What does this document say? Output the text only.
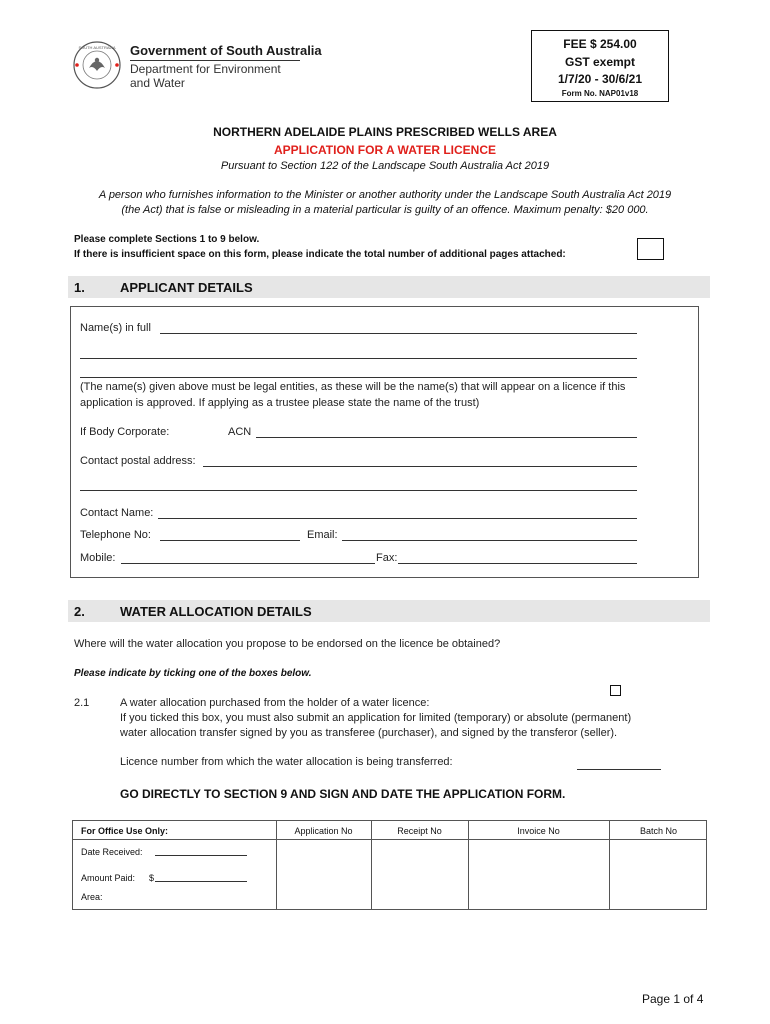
SOUTH AUSTRALIA Government of South Australia
Department for Environment
and Water
FEE $ 254.00
GST exempt
1/7/20 - 30/6/21
Form No. NAP01v18
NORTHERN ADELAIDE PLAINS PRESCRIBED WELLS AREA
APPLICATION FOR A WATER LICENCE
Pursuant to Section 122 of the Landscape South Australia Act 2019
A person who furnishes information to the Minister or another authority under the Landscape South Australia Act 2019
(the Act) that is false or misleading in a material particular is guilty of an offence. Maximum penalty: $20 000.
Please complete Sections 1 to 9 below.
If there is insufficient space on this form, please indicate the total number of additional pages attached:
1.	APPLICANT DETAILS
Name(s) in full
(The name(s) given above must be legal entities, as these will be the name(s) that will appear on a licence if this
application is approved. If applying as a trustee please state the name of the trust)
If Body Corporate:	ACN
Contact postal address:
Contact Name:
Telephone No:	Email:
Mobile:	Fax:
2.	WATER ALLOCATION DETAILS
Where will the water allocation you propose to be endorsed on the licence be obtained?
Please indicate by ticking one of the boxes below.
2.1	A water allocation purchased from the holder of a water licence:
If you ticked this box, you must also submit an application for limited (temporary) or absolute (permanent)
water allocation transfer signed by you as transferee (purchaser), and signed by the transferor (seller).
Licence number from which the water allocation is being transferred:
GO DIRECTLY TO SECTION 9 AND SIGN AND DATE THE APPLICATION FORM.
For Office Use Only:	Application No	Receipt No	Invoice No	Batch No
Date Received:
Amount Paid: $
Area:
Page 1 of 4
